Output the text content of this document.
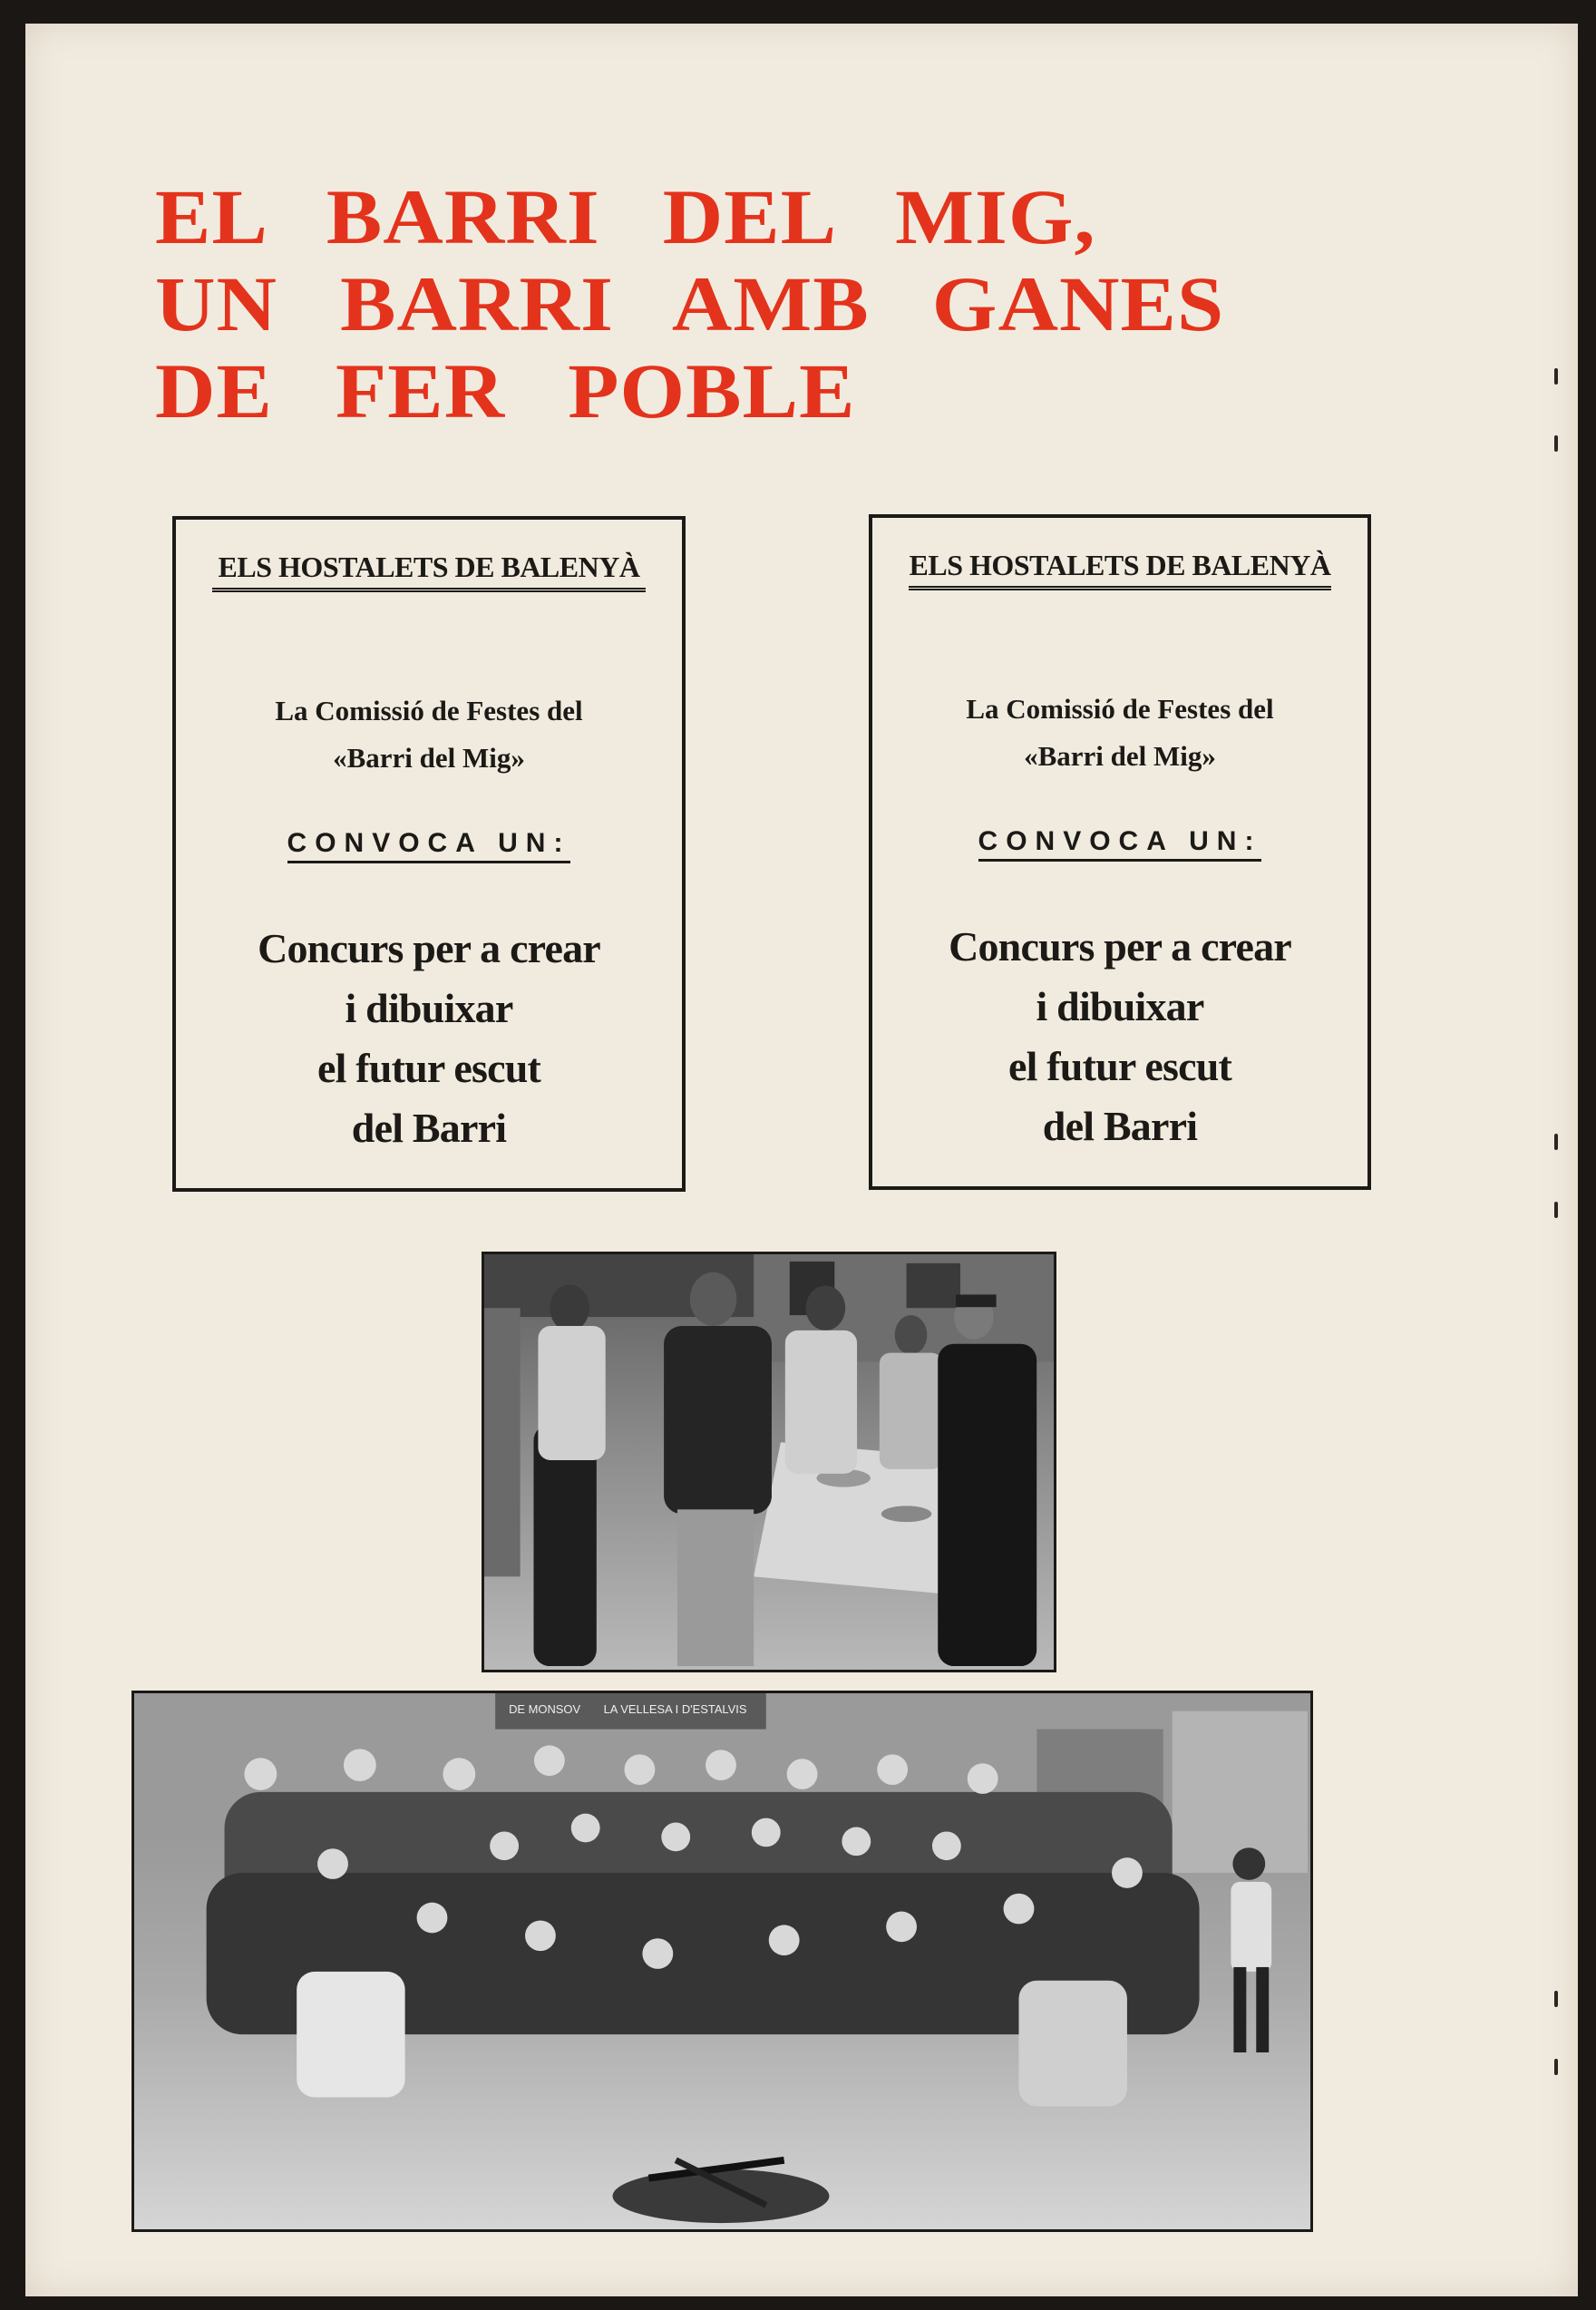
EL BARRI DEL MIG,
UN BARRI AMB GANES
DE FER POBLE
ELS HOSTALETS DE BALENYÀ
La Comissió de Festes del
«Barri del Mig»
CONVOCA UN:
Concurs per a crear
i dibuixar
el futur escut
del Barri
ELS HOSTALETS DE BALENYÀ
La Comissió de Festes del
«Barri del Mig»
CONVOCA UN:
Concurs per a crear
i dibuixar
el futur escut
del Barri
DE MONSOV LA VELLESA I D'ESTALVIS
